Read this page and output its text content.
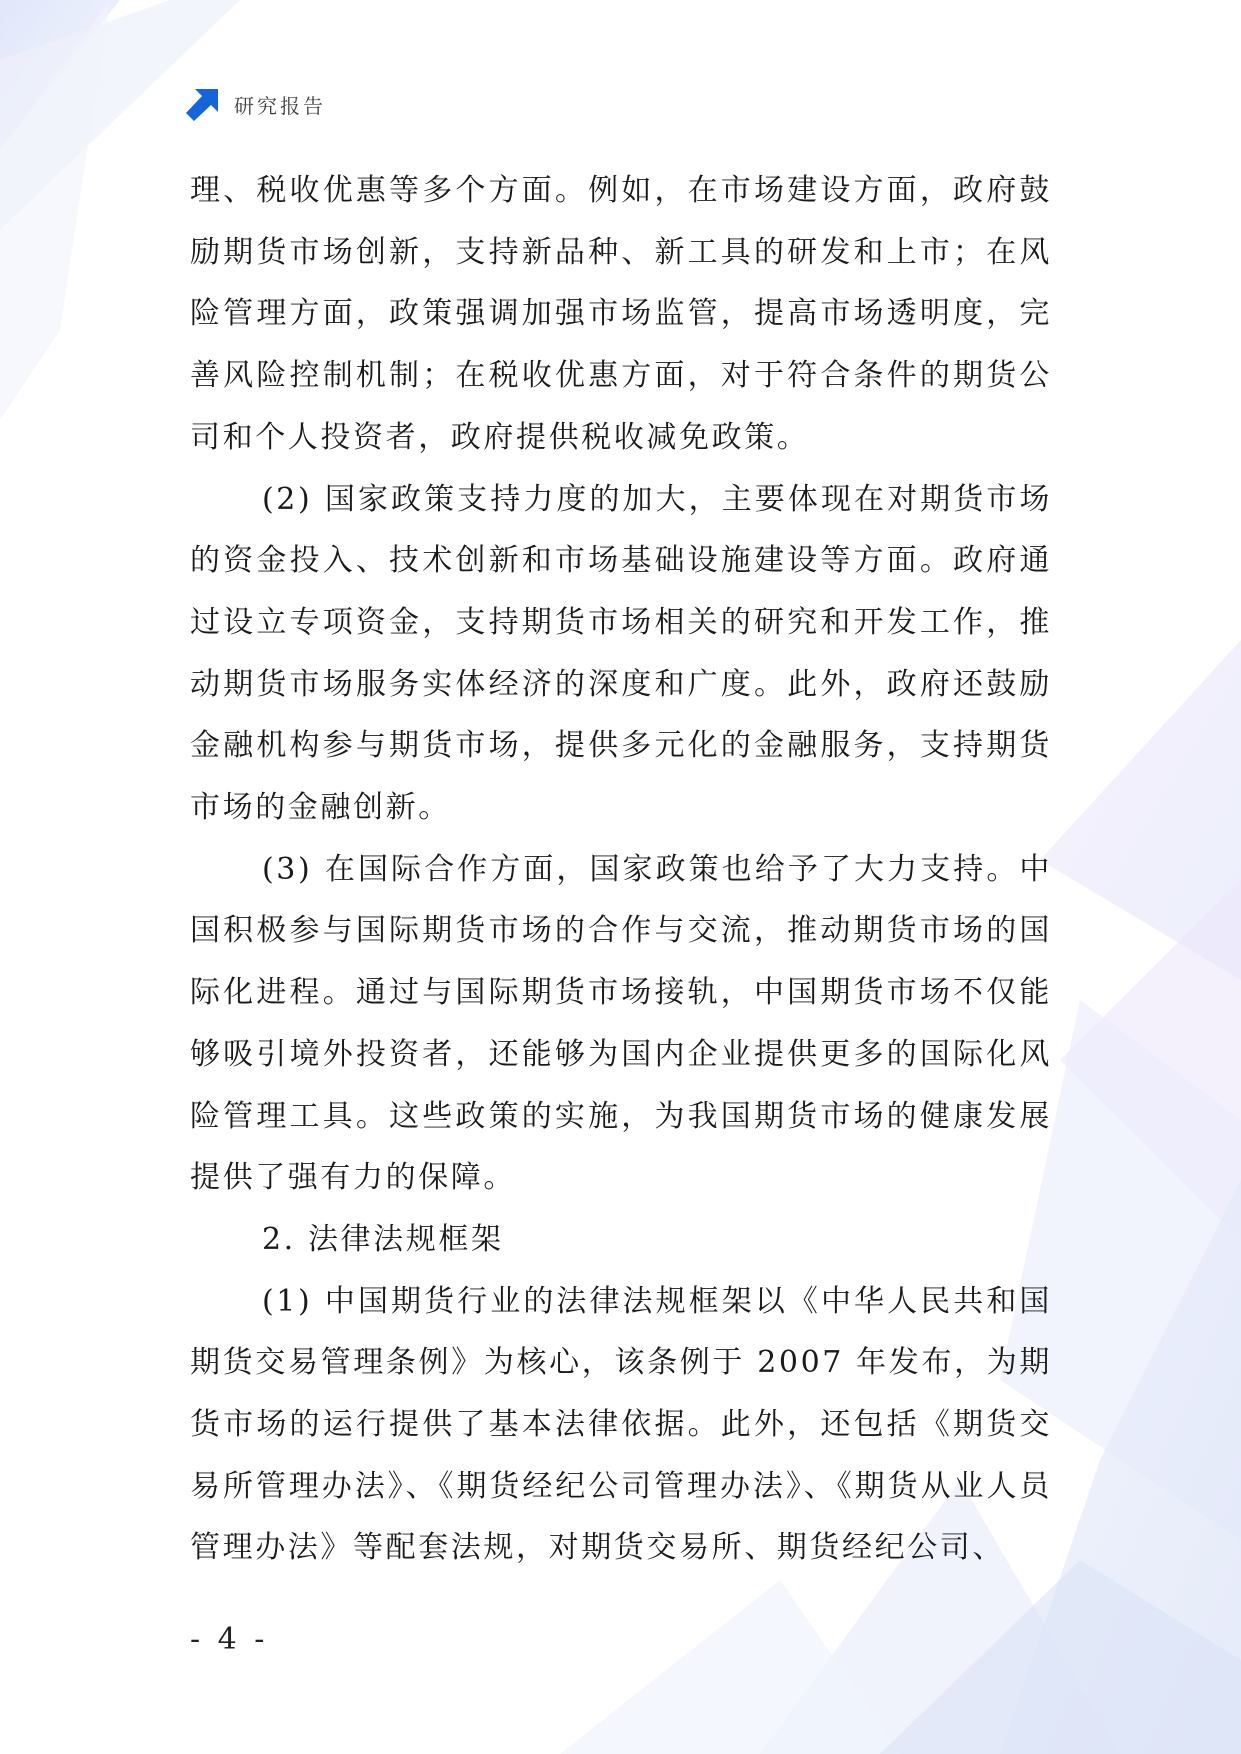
研究报告

理、税收优惠等多个方面。例如，在市场建设方面，政府鼓励期货市场创新，支持新品种、新工具的研发和上市；在风险管理方面，政策强调加强市场监管，提高市场透明度，完善风险控制机制；在税收优惠方面，对于符合条件的期货公司和个人投资者，政府提供税收减免政策。

(2) 国家政策支持力度的加大，主要体现在对期货市场的资金投入、技术创新和市场基础设施建设等方面。政府通过设立专项资金，支持期货市场相关的研究和开发工作，推动期货市场服务实体经济的深度和广度。此外，政府还鼓励金融机构参与期货市场，提供多元化的金融服务，支持期货市场的金融创新。

(3) 在国际合作方面，国家政策也给予了大力支持。中国积极参与国际期货市场的合作与交流，推动期货市场的国际化进程。通过与国际期货市场接轨，中国期货市场不仅能够吸引境外投资者，还能够为国内企业提供更多的国际化风险管理工具。这些政策的实施，为我国期货市场的健康发展提供了强有力的保障。

2. 法律法规框架

(1) 中国期货行业的法律法规框架以《中华人民共和国期货交易管理条例》为核心，该条例于 2007 年发布，为期货市场的运行提供了基本法律依据。此外，还包括《期货交易所管理办法》、《期货经纪公司管理办法》、《期货从业人员管理办法》等配套法规，对期货交易所、期货经纪公司、

- 4 -
